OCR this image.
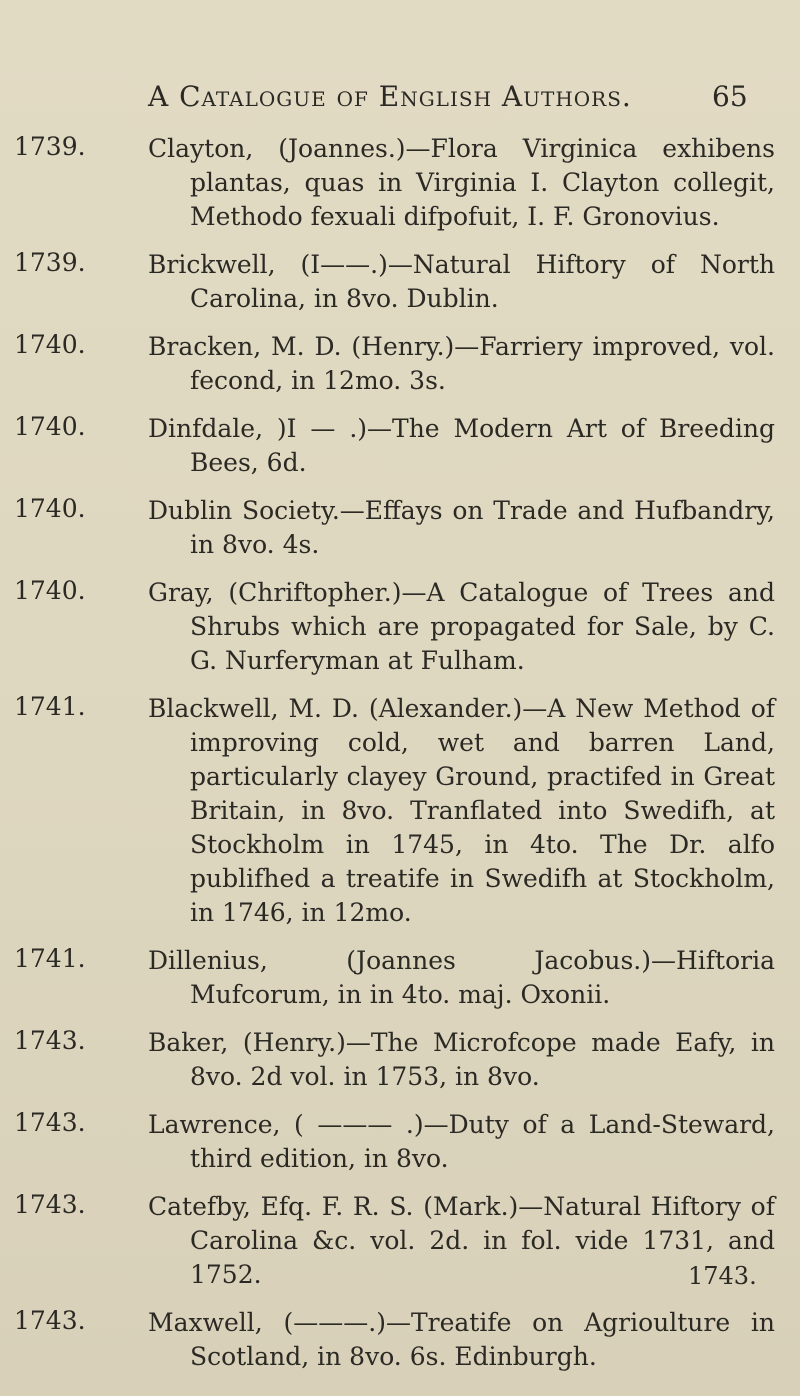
A Catalogue of English Authors.	65
1739. Clayton, (Joannes.)—Flora Virginica exhibens plantas, quas in Virginia I. Clayton collegit, Methodo fexuali difpofuit, I. F. Gronovius.
1739. Brickwell, (I——.)—Natural Hiftory of North Carolina, in 8vo. Dublin.
1740. Bracken, M. D. (Henry.)—Farriery improved, vol. fecond, in 12mo. 3s.
1740. Dinfdale, )I — .)—The Modern Art of Breeding Bees, 6d.
1740. Dublin Society.—Effays on Trade and Hufbandry, in 8vo. 4s.
1740. Gray, (Chriftopher.)—A Catalogue of Trees and Shrubs which are propagated for Sale, by C. G. Nurferyman at Fulham.
1741. Blackwell, M. D. (Alexander.)—A New Method of improving cold, wet and barren Land, particularly clayey Ground, practifed in Great Britain, in 8vo. Tranflated into Swedifh, at Stockholm in 1745, in 4to. The Dr. alfo publifhed a treatife in Swedifh at Stockholm, in 1746, in 12mo.
1741. Dillenius, (Joannes Jacobus.)—Hiftoria Mufcorum, in in 4to. maj. Oxonii.
1743. Baker, (Henry.)—The Microfcope made Eafy, in 8vo. 2d vol. in 1753, in 8vo.
1743. Lawrence, ( ——— .)—Duty of a Land-Steward, third edition, in 8vo.
1743. Catefby, Efq. F. R. S. (Mark.)—Natural Hiftory of Carolina &c. vol. 2d. in fol. vide 1731, and 1752.
1743. Maxwell, (———.)—Treatife on Agrioulture in Scotland, in 8vo. 6s. Edinburgh.
1743.
